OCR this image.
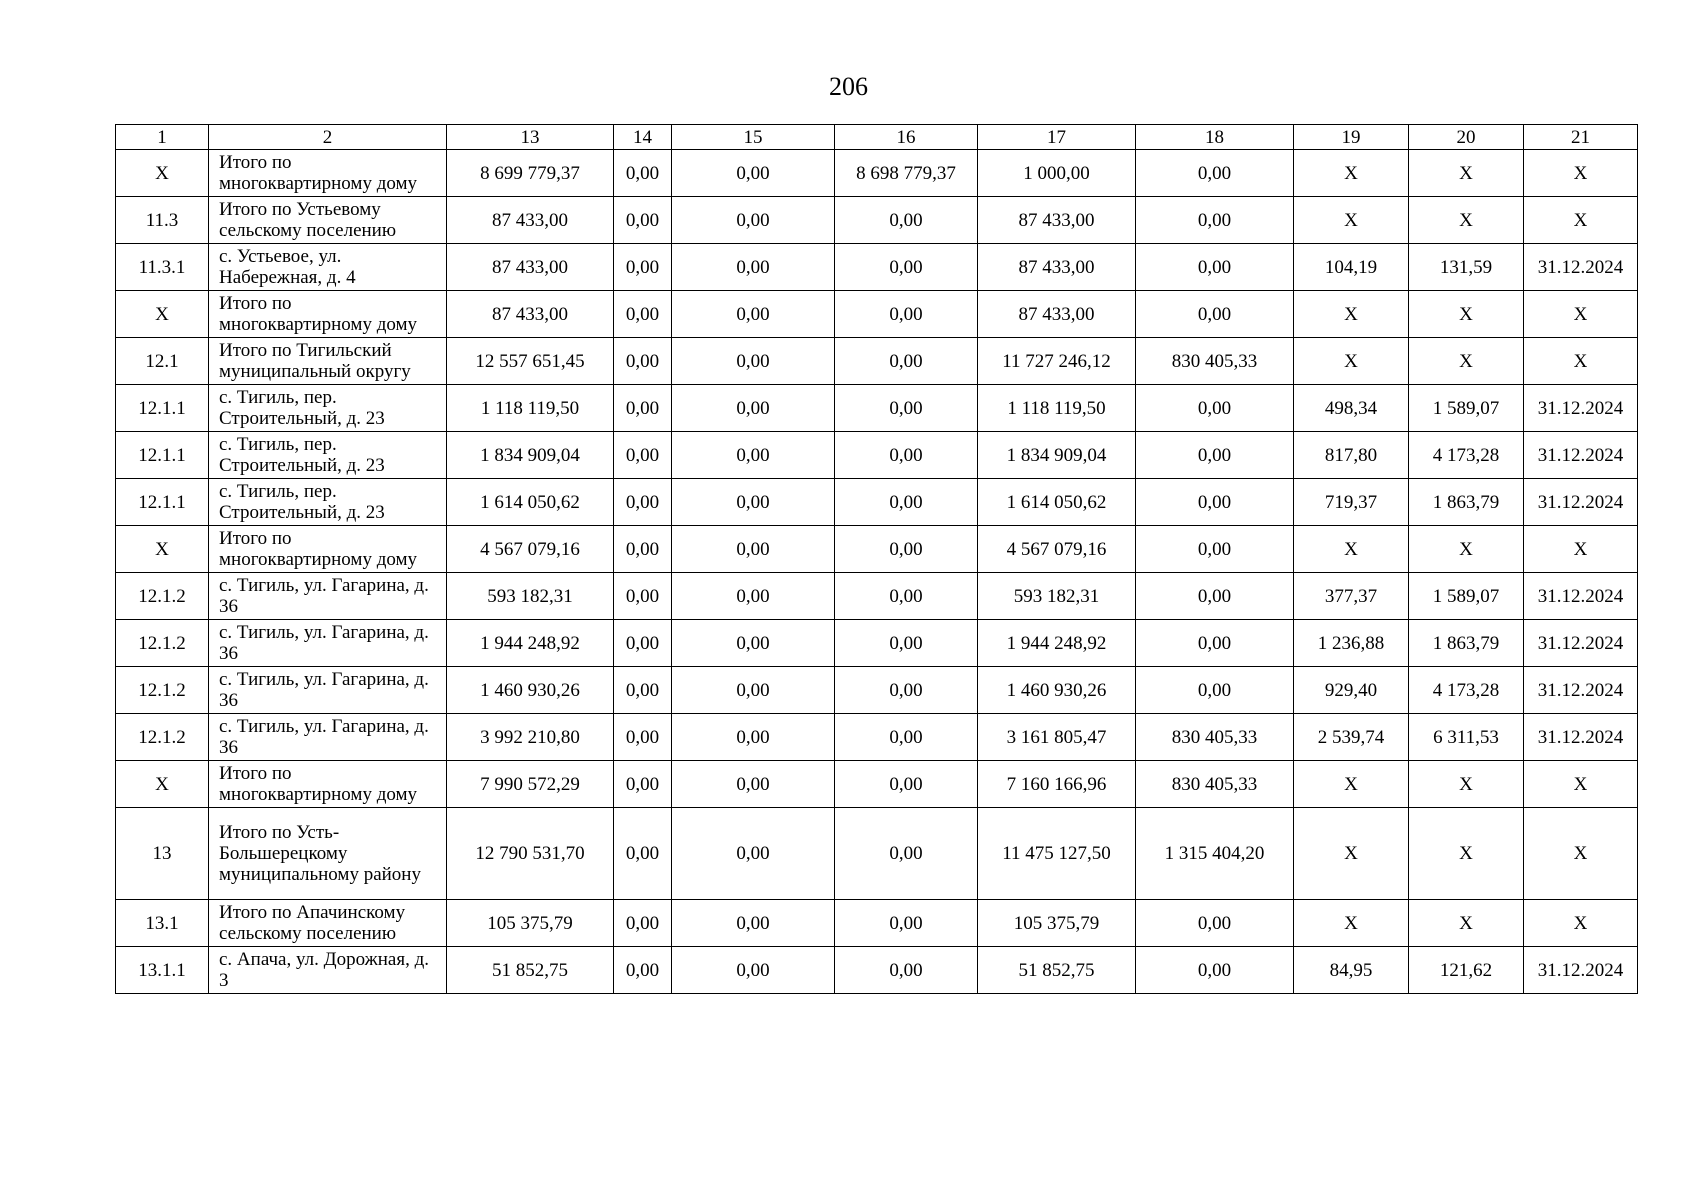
206
1	2	13	14	15	16	17	18	19	20	21
X	Итого по многоквартирному дому	8 699 779,37	0,00	0,00	8 698 779,37	1 000,00	0,00	X	X	X
11.3	Итого по Устьевому сельскому поселению	87 433,00	0,00	0,00	0,00	87 433,00	0,00	X	X	X
11.3.1	с. Устьевое, ул. Набережная, д. 4	87 433,00	0,00	0,00	0,00	87 433,00	0,00	104,19	131,59	31.12.2024
X	Итого по многоквартирному дому	87 433,00	0,00	0,00	0,00	87 433,00	0,00	X	X	X
12.1	Итого по Тигильский муниципальный округу	12 557 651,45	0,00	0,00	0,00	11 727 246,12	830 405,33	X	X	X
12.1.1	с. Тигиль, пер. Строительный, д. 23	1 118 119,50	0,00	0,00	0,00	1 118 119,50	0,00	498,34	1 589,07	31.12.2024
12.1.1	с. Тигиль, пер. Строительный, д. 23	1 834 909,04	0,00	0,00	0,00	1 834 909,04	0,00	817,80	4 173,28	31.12.2024
12.1.1	с. Тигиль, пер. Строительный, д. 23	1 614 050,62	0,00	0,00	0,00	1 614 050,62	0,00	719,37	1 863,79	31.12.2024
X	Итого по многоквартирному дому	4 567 079,16	0,00	0,00	0,00	4 567 079,16	0,00	X	X	X
12.1.2	с. Тигиль, ул. Гагарина, д. 36	593 182,31	0,00	0,00	0,00	593 182,31	0,00	377,37	1 589,07	31.12.2024
12.1.2	с. Тигиль, ул. Гагарина, д. 36	1 944 248,92	0,00	0,00	0,00	1 944 248,92	0,00	1 236,88	1 863,79	31.12.2024
12.1.2	с. Тигиль, ул. Гагарина, д. 36	1 460 930,26	0,00	0,00	0,00	1 460 930,26	0,00	929,40	4 173,28	31.12.2024
12.1.2	с. Тигиль, ул. Гагарина, д. 36	3 992 210,80	0,00	0,00	0,00	3 161 805,47	830 405,33	2 539,74	6 311,53	31.12.2024
X	Итого по многоквартирному дому	7 990 572,29	0,00	0,00	0,00	7 160 166,96	830 405,33	X	X	X
13	Итого по Усть-Большерецкому муниципальному району	12 790 531,70	0,00	0,00	0,00	11 475 127,50	1 315 404,20	X	X	X
13.1	Итого по Апачинскому сельскому поселению	105 375,79	0,00	0,00	0,00	105 375,79	0,00	X	X	X
13.1.1	с. Апача, ул. Дорожная, д. 3	51 852,75	0,00	0,00	0,00	51 852,75	0,00	84,95	121,62	31.12.2024
